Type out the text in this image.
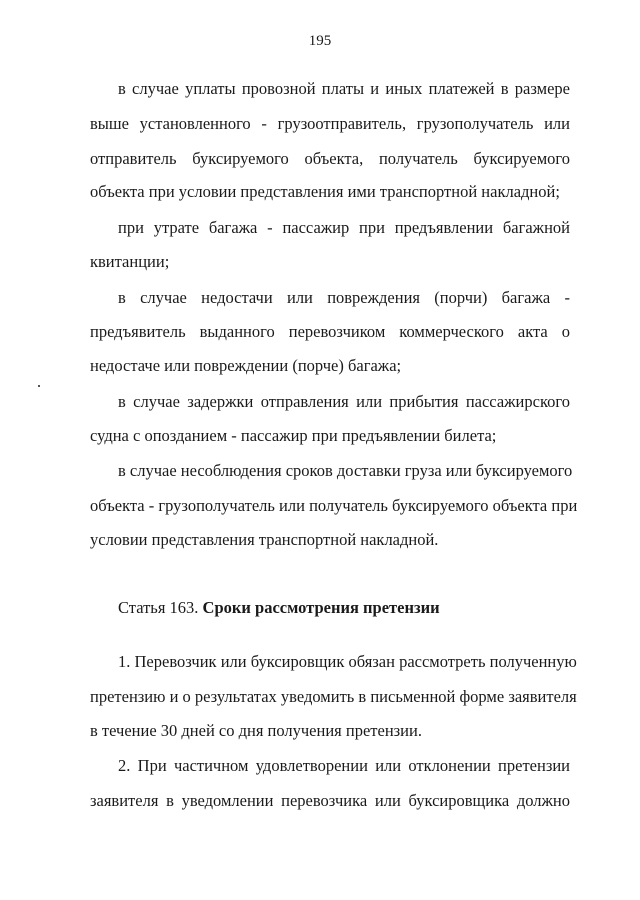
195
в случае уплаты провозной платы и иных платежей в размере
выше установленного - грузоотправитель, грузополучатель или
отправитель буксируемого объекта, получатель буксируемого
объекта при условии представления ими транспортной накладной;
при утрате багажа - пассажир при предъявлении багажной
квитанции;
в случае недостачи или повреждения (порчи) багажа -
предъявитель выданного перевозчиком коммерческого акта о
недостаче или повреждении (порче) багажа;
в случае задержки отправления или прибытия пассажирского
судна с опозданием - пассажир при предъявлении билета;
в случае несоблюдения сроков доставки груза или буксируемого
объекта - грузополучатель или получатель буксируемого объекта при
условии представления транспортной накладной.
Статья 163. Сроки рассмотрения претензии
1. Перевозчик или буксировщик обязан рассмотреть полученную
претензию и о результатах уведомить в письменной форме заявителя
в течение 30 дней со дня получения претензии.
2. При частичном удовлетворении или отклонении претензии
заявителя в уведомлении перевозчика или буксировщика должно
